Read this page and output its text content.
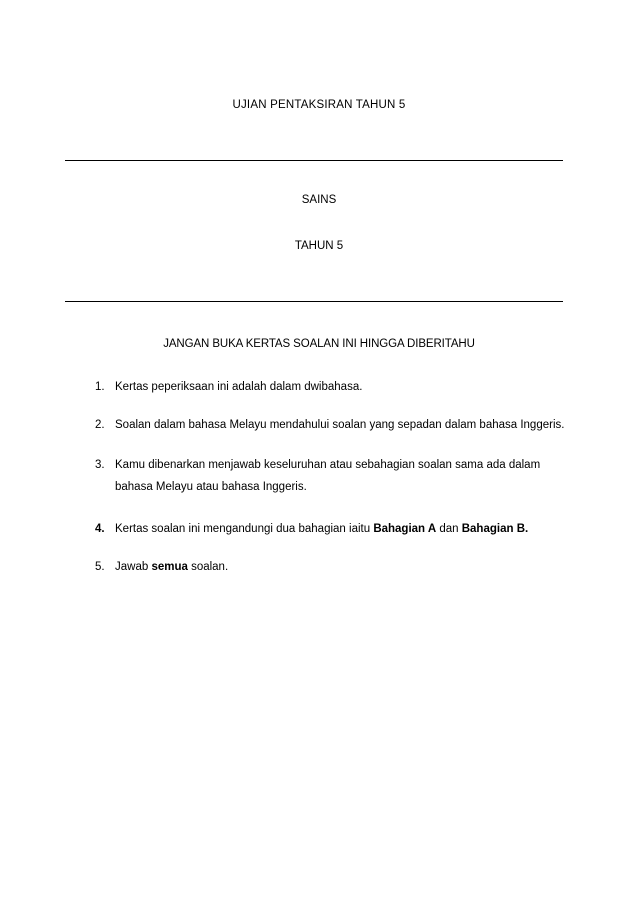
UJIAN PENTAKSIRAN TAHUN 5
SAINS
TAHUN 5
JANGAN BUKA KERTAS SOALAN INI HINGGA DIBERITAHU
1. Kertas peperiksaan ini adalah dalam dwibahasa.
2. Soalan dalam bahasa Melayu mendahului soalan yang sepadan dalam bahasa Inggeris.
3. Kamu dibenarkan menjawab keseluruhan atau sebahagian soalan sama ada dalam bahasa Melayu atau bahasa Inggeris.
4. Kertas soalan ini mengandungi dua bahagian iaitu Bahagian A dan Bahagian B.
5. Jawab semua soalan.
